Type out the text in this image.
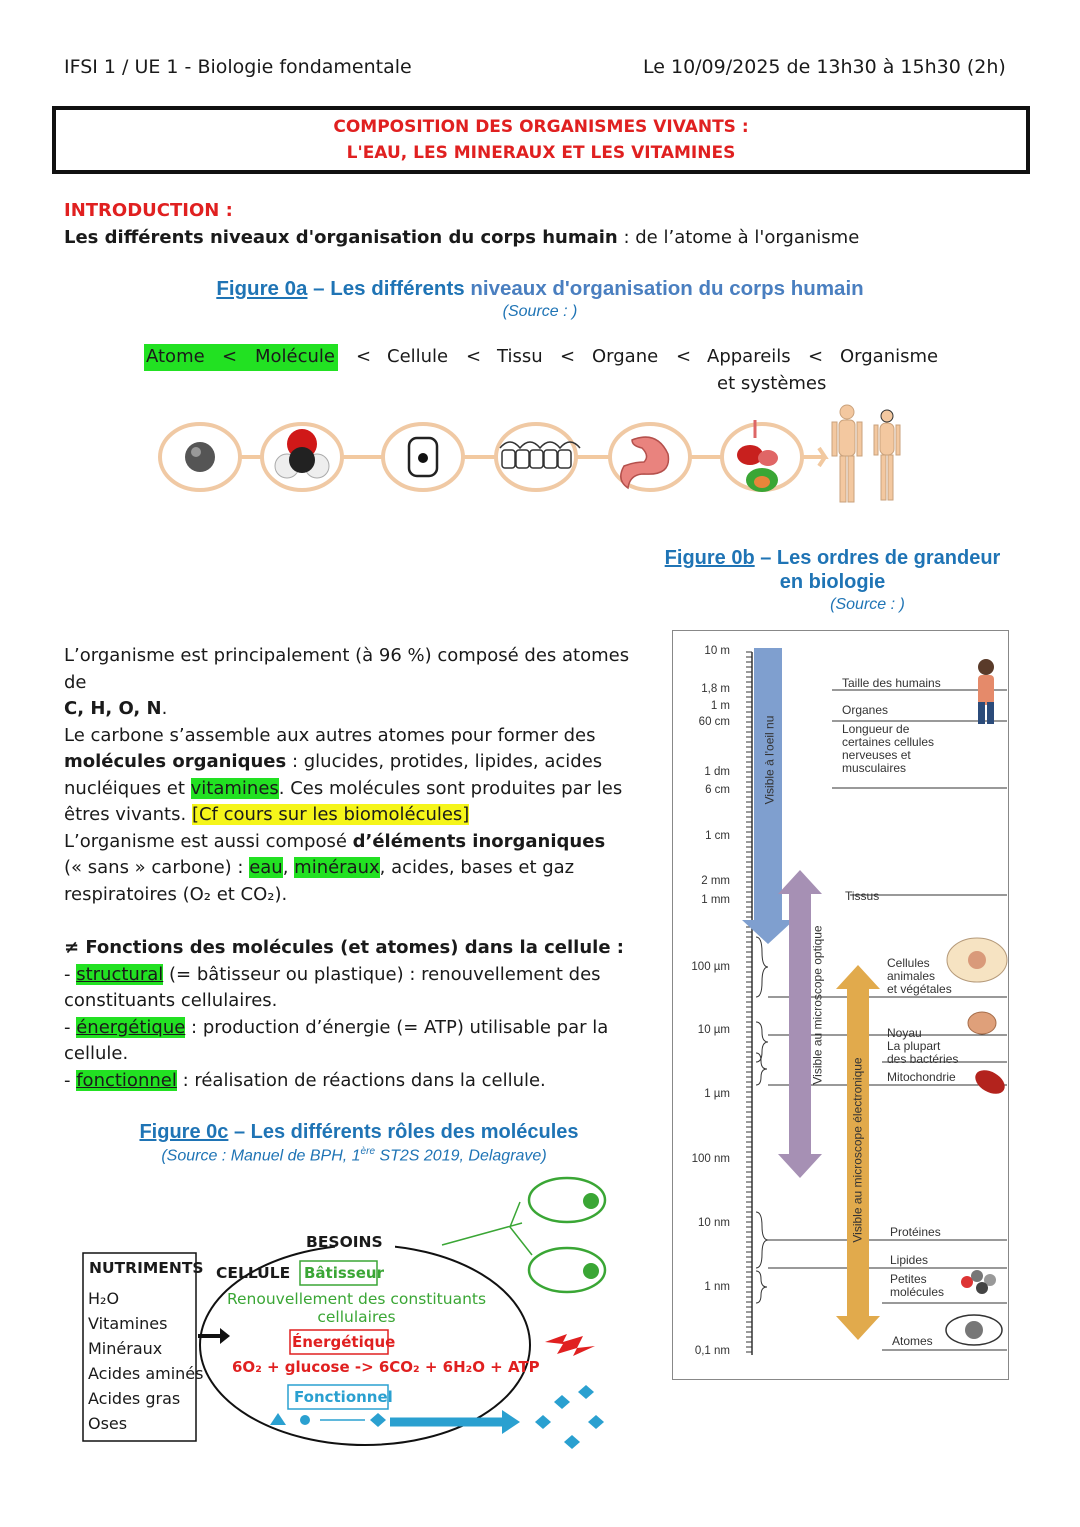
IFSI 1 / UE 1 - Biologie fondamentale	Le 10/09/2025 de 13h30 à 15h30 (2h)
COMPOSITION DES ORGANISMES VIVANTS :
L'EAU, LES MINERAUX ET LES VITAMINES
INTRODUCTION :
Les différents niveaux d'organisation du corps humain : de l’atome à l'organisme
Figure 0a – Les différents niveaux d'organisation du corps humain
(Source : )
Atome < Molécule < Cellule < Tissu < Organe < Appareils < Organisme
et systèmes
Figure 0b – Les ordres de grandeur
en biologie
(Source : )
10 m
1,8 m
1 m
60 cm
1 dm
6 cm
1 cm
2 mm
1 mm
100 µm
10 µm
1 µm
100 nm
10 nm
1 nm
0,1 nm
Taille des humains
Organes
Longueur de
certaines cellules
nerveuses et
musculaires
Tissus
Cellules
animales
et végétales
Noyau
La plupart
des bactéries
Mitochondrie
Protéines
Lipides
Petites
molécules
Atomes
Visible à l'oeil nu
Visible au microscope optique
Visible au microscope électronique
L’organisme est principalement (à 96 %) composé des atomes de
C, H, O, N.
Le carbone s’assemble aux autres atomes pour former des
molécules organiques : glucides, protides, lipides, acides
nucléiques et vitamines. Ces molécules sont produites par les
êtres vivants. [Cf cours sur les biomolécules]
L’organisme est aussi composé d’éléments inorganiques
(« sans » carbone) : eau, minéraux, acides, bases et gaz
respiratoires (O₂ et CO₂).
≠ Fonctions des molécules (et atomes) dans la cellule :
- structural (= bâtisseur ou plastique) : renouvellement des
constituants cellulaires.
- énergétique : production d’énergie (= ATP) utilisable par la
cellule.
- fonctionnel : réalisation de réactions dans la cellule.
Figure 0c – Les différents rôles des molécules
(Source : Manuel de BPH, 1ère ST2S 2019, Delagrave)
NUTRIMENTS
H₂O
Vitamines
Minéraux
Acides aminés
Acides gras
Oses
BESOINS
CELLULE Bâtisseur
Renouvellement des constituants
cellulaires
Énergétique
6O₂ + glucose -> 6CO₂ + 6H₂O + ATP
Fonctionnel
